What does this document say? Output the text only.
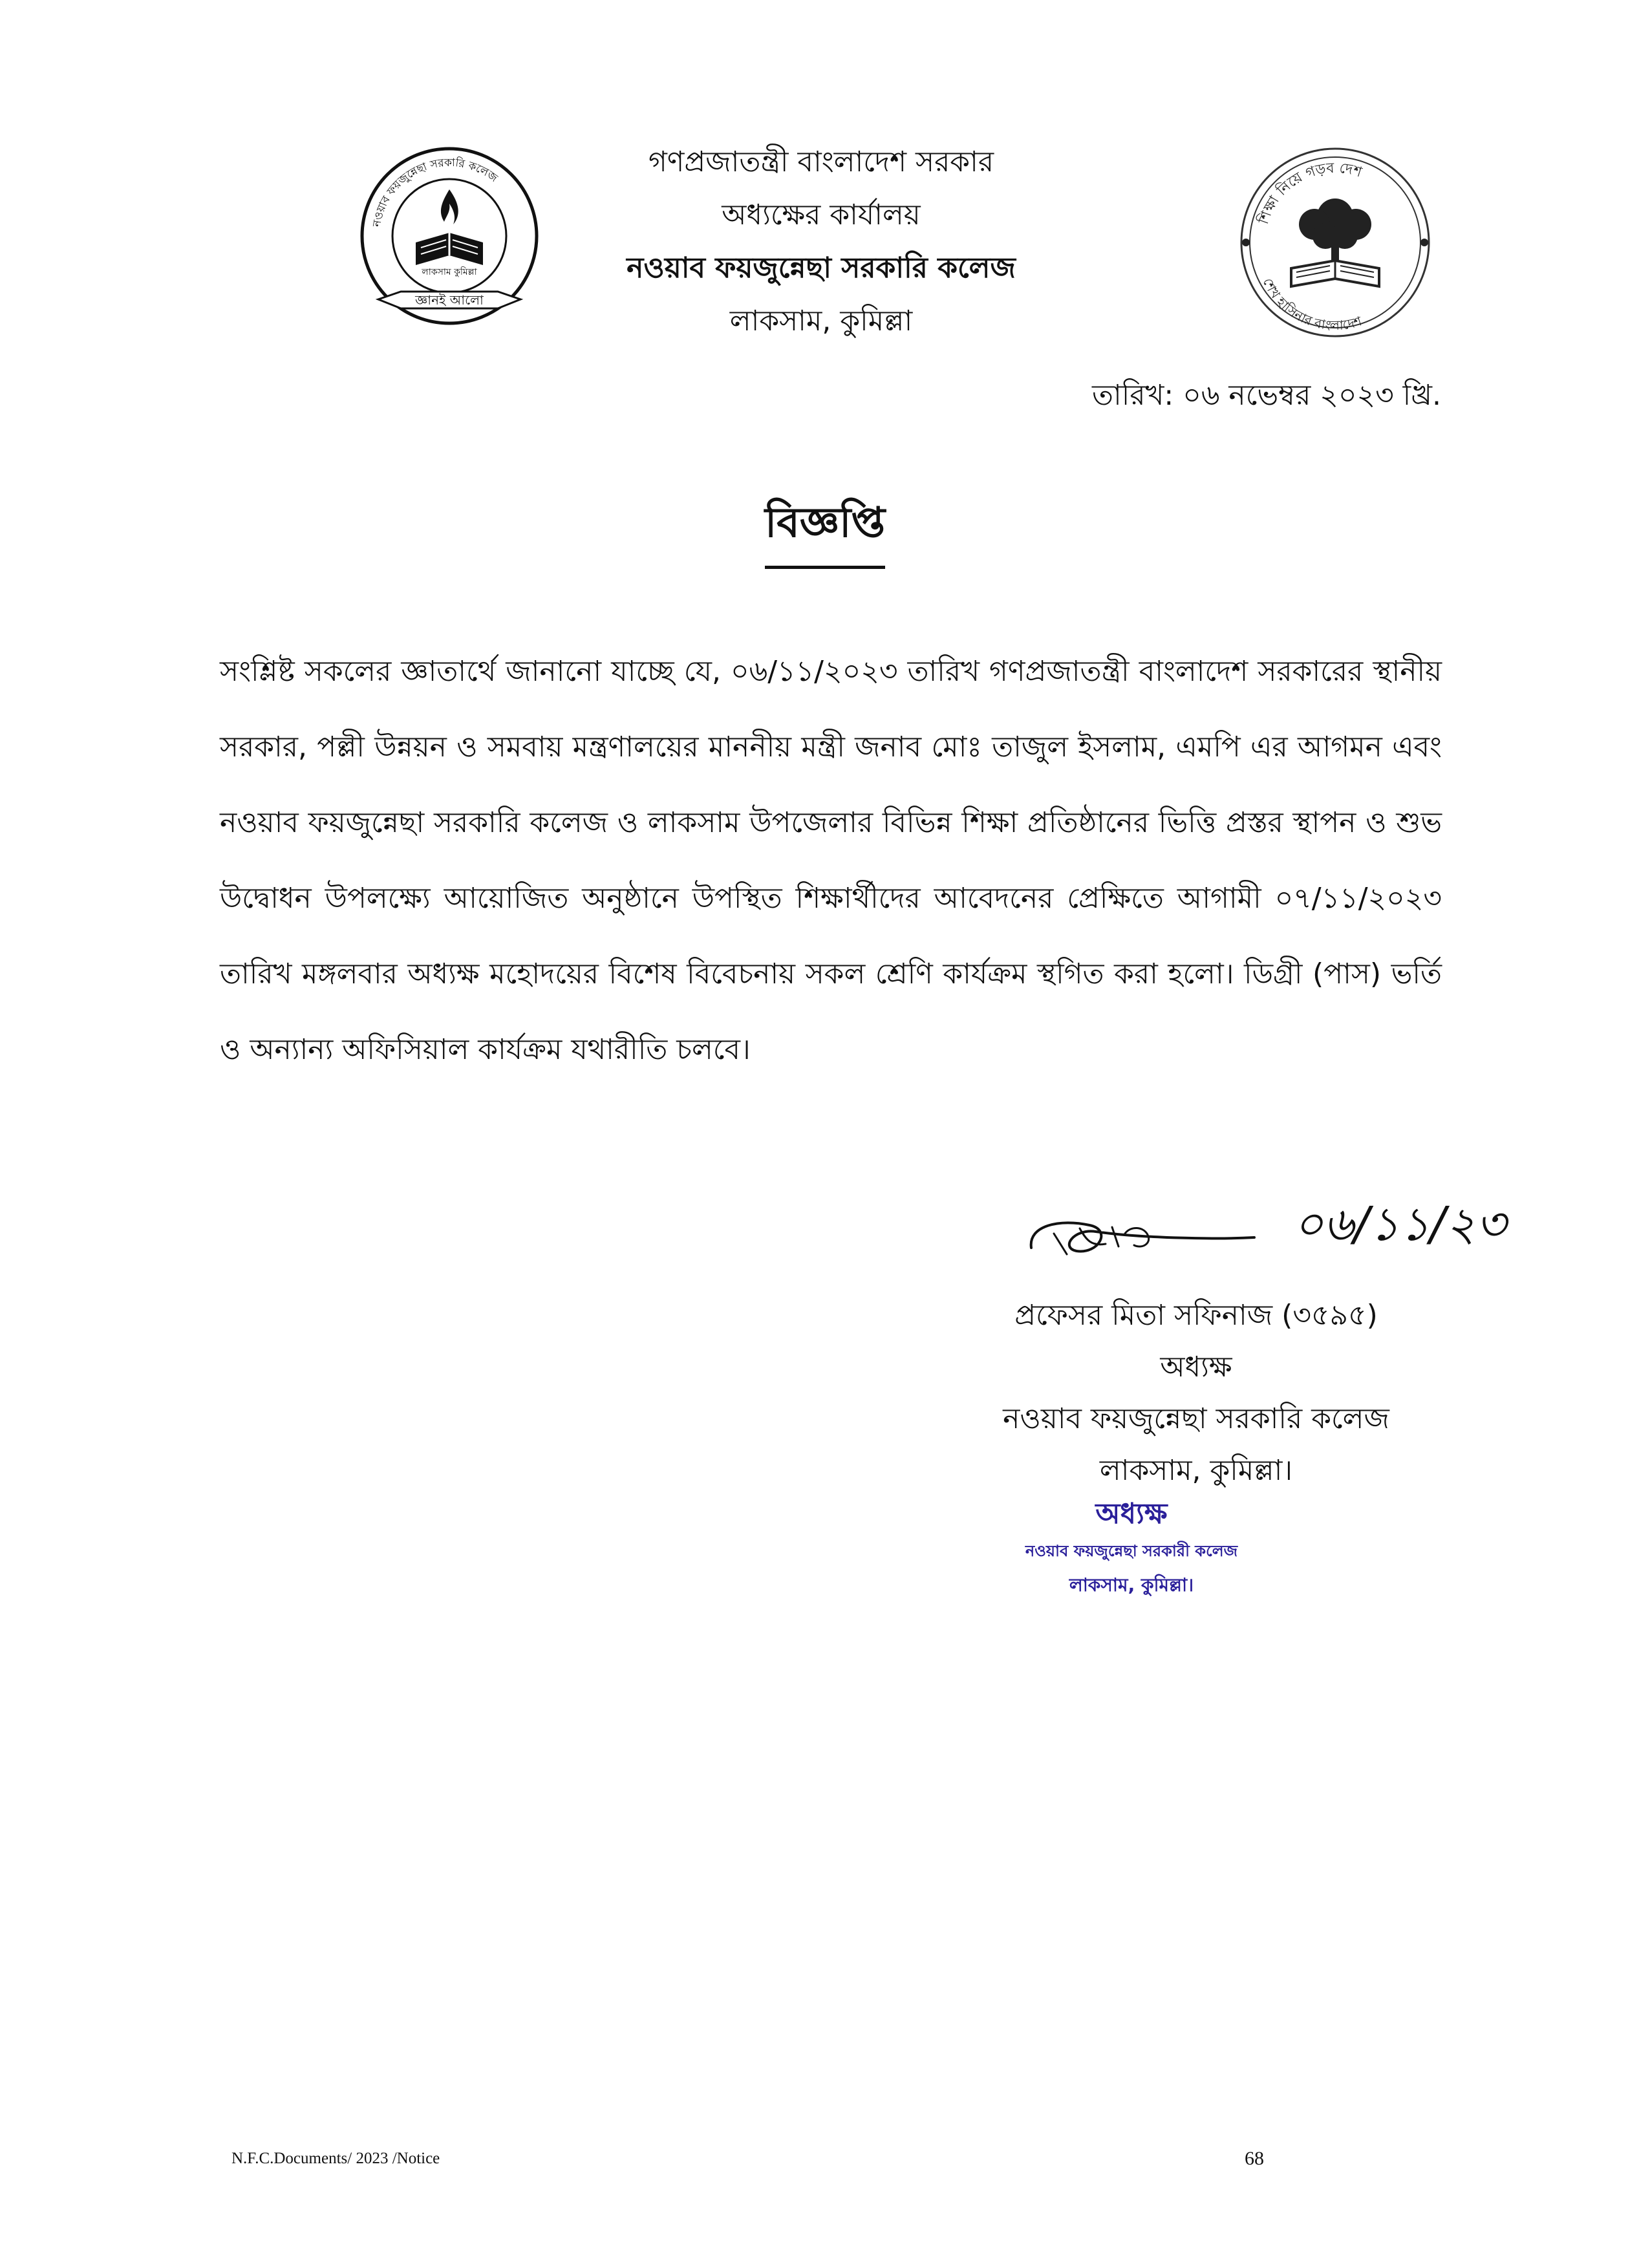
নওয়াব ফয়জুন্নেছা সরকারি কলেজ
লাকসাম কুমিল্লা
জ্ঞানই আলো
গণপ্রজাতন্ত্রী বাংলাদেশ সরকার
অধ্যক্ষের কার্যালয়
নওয়াব ফয়জুন্নেছা সরকারি কলেজ
লাকসাম, কুমিল্লা
শিক্ষা নিয়ে গড়ব দেশ
শেখ হাসিনার বাংলাদেশ
তারিখ: ০৬ নভেম্বর ২০২৩ খ্রি.
বিজ্ঞপ্তি
সংশ্লিষ্ট সকলের জ্ঞাতার্থে জানানো যাচ্ছে যে, ০৬/১১/২০২৩ তারিখ গণপ্রজাতন্ত্রী বাংলাদেশ সরকারের স্থানীয় সরকার, পল্লী উন্নয়ন ও সমবায় মন্ত্রণালয়ের মাননীয় মন্ত্রী জনাব মোঃ তাজুল ইসলাম, এমপি এর আগমন এবং নওয়াব ফয়জুন্নেছা সরকারি কলেজ ও লাকসাম উপজেলার বিভিন্ন শিক্ষা প্রতিষ্ঠানের ভিত্তি প্রস্তর স্থাপন ও শুভ উদ্বোধন উপলক্ষ্যে আয়োজিত অনুষ্ঠানে উপস্থিত শিক্ষার্থীদের আবেদনের প্রেক্ষিতে আগামী ০৭/১১/২০২৩ তারিখ মঙ্গলবার অধ্যক্ষ মহোদয়ের বিশেষ বিবেচনায় সকল শ্রেণি কার্যক্রম স্থগিত করা হলো। ডিগ্রী (পাস) ভর্তি ও অন্যান্য অফিসিয়াল কার্যক্রম যথারীতি চলবে।
০৬/১১/২৩
প্রফেসর মিতা সফিনাজ (৩৫৯৫)
অধ্যক্ষ
নওয়াব ফয়জুন্নেছা সরকারি কলেজ
লাকসাম, কুমিল্লা।
অধ্যক্ষ
নওয়াব ফয়জুন্নেছা সরকারী কলেজ
লাকসাম, কুমিল্লা।
N.F.C.Documents/ 2023 /Notice	68
